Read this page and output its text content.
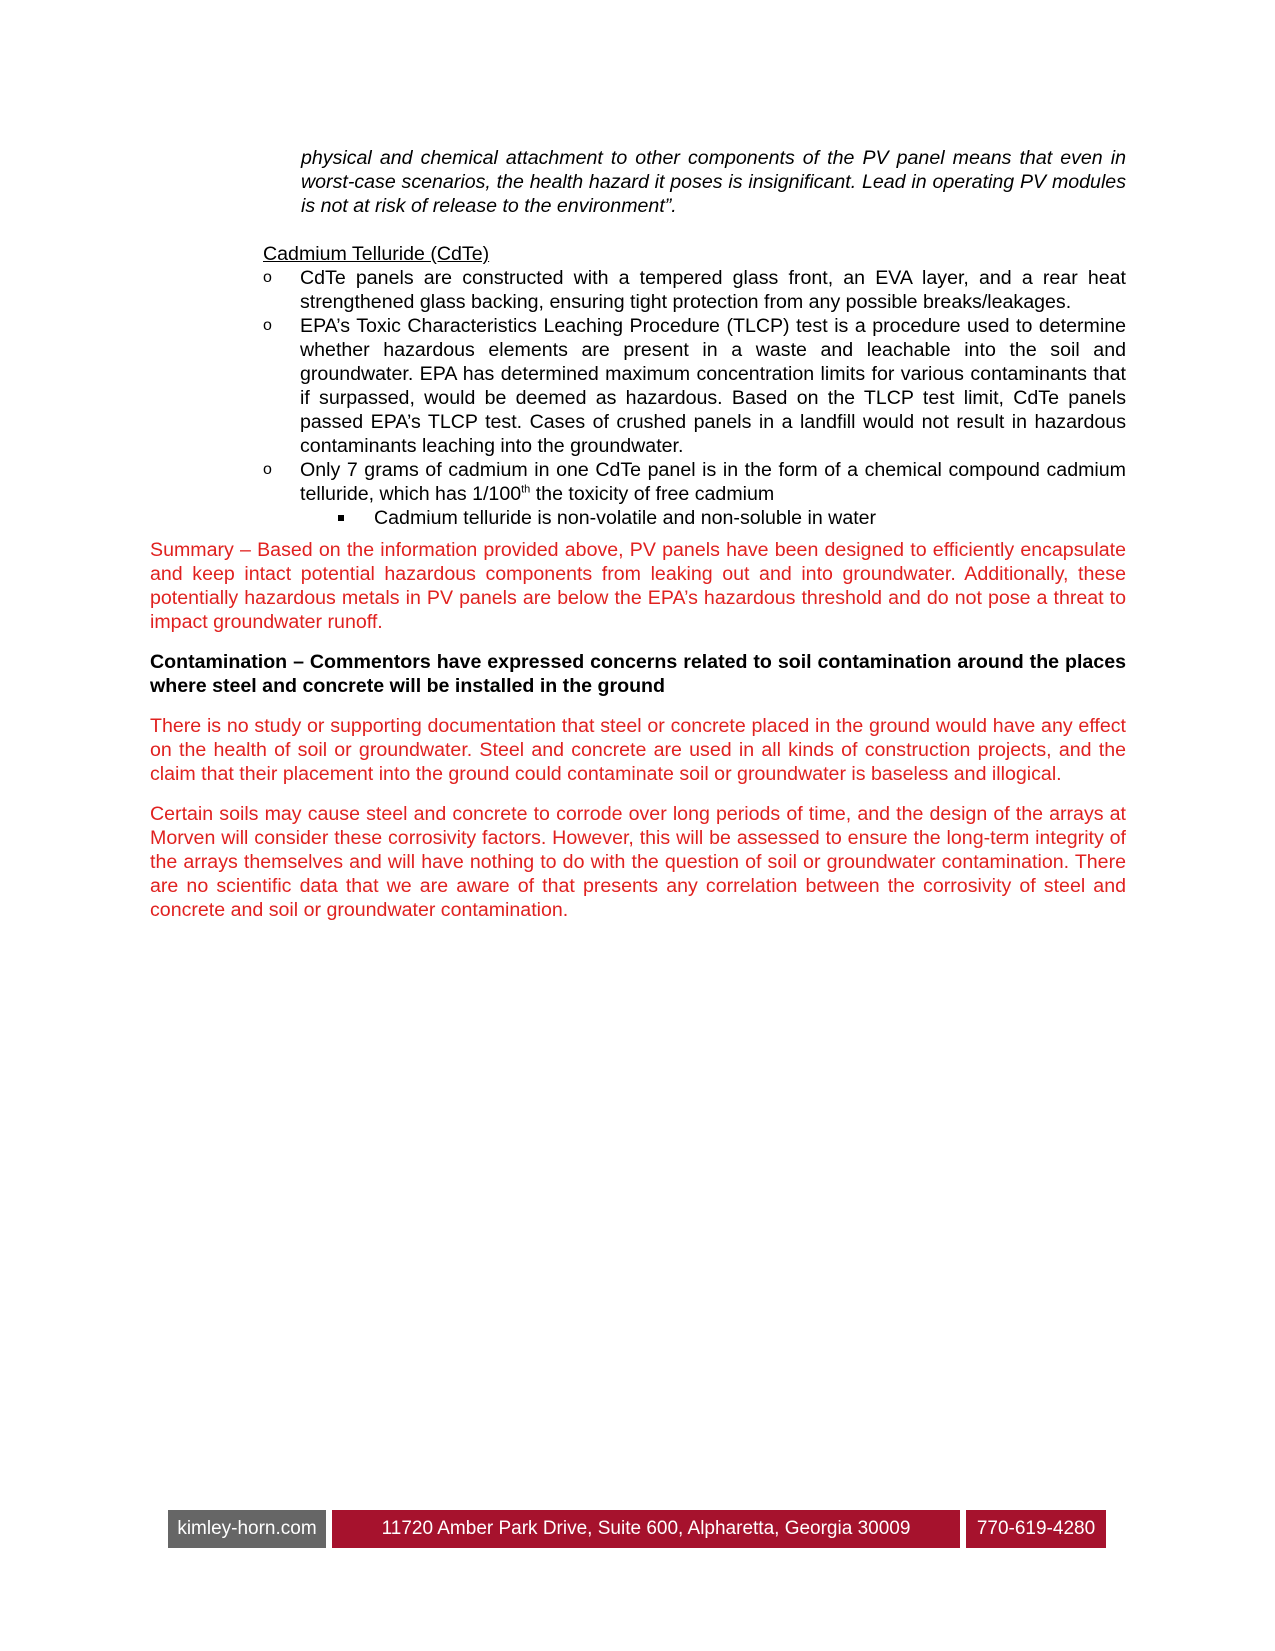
physical and chemical attachment to other components of the PV panel means that even in worst-case scenarios, the health hazard it poses is insignificant. Lead in operating PV modules is not at risk of release to the environment”.

Cadmium Telluride (CdTe)

o CdTe panels are constructed with a tempered glass front, an EVA layer, and a rear heat strengthened glass backing, ensuring tight protection from any possible breaks/leakages.
o EPA’s Toxic Characteristics Leaching Procedure (TLCP) test is a procedure used to determine whether hazardous elements are present in a waste and leachable into the soil and groundwater. EPA has determined maximum concentration limits for various contaminants that if surpassed, would be deemed as hazardous. Based on the TLCP test limit, CdTe panels passed EPA’s TLCP test. Cases of crushed panels in a landfill would not result in hazardous contaminants leaching into the groundwater.
o Only 7 grams of cadmium in one CdTe panel is in the form of a chemical compound cadmium telluride, which has 1/100th the toxicity of free cadmium
Cadmium telluride is non-volatile and non-soluble in water

Summary – Based on the information provided above, PV panels have been designed to efficiently encapsulate and keep intact potential hazardous components from leaking out and into groundwater. Additionally, these potentially hazardous metals in PV panels are below the EPA’s hazardous threshold and do not pose a threat to impact groundwater runoff.

Contamination – Commentors have expressed concerns related to soil contamination around the places where steel and concrete will be installed in the ground

There is no study or supporting documentation that steel or concrete placed in the ground would have any effect on the health of soil or groundwater. Steel and concrete are used in all kinds of construction projects, and the claim that their placement into the ground could contaminate soil or groundwater is baseless and illogical.

Certain soils may cause steel and concrete to corrode over long periods of time, and the design of the arrays at Morven will consider these corrosivity factors. However, this will be assessed to ensure the long-term integrity of the arrays themselves and will have nothing to do with the question of soil or groundwater contamination. There are no scientific data that we are aware of that presents any correlation between the corrosivity of steel and concrete and soil or groundwater contamination.

kimley-horn.com	11720 Amber Park Drive, Suite 600, Alpharetta, Georgia 30009	770-619-4280
